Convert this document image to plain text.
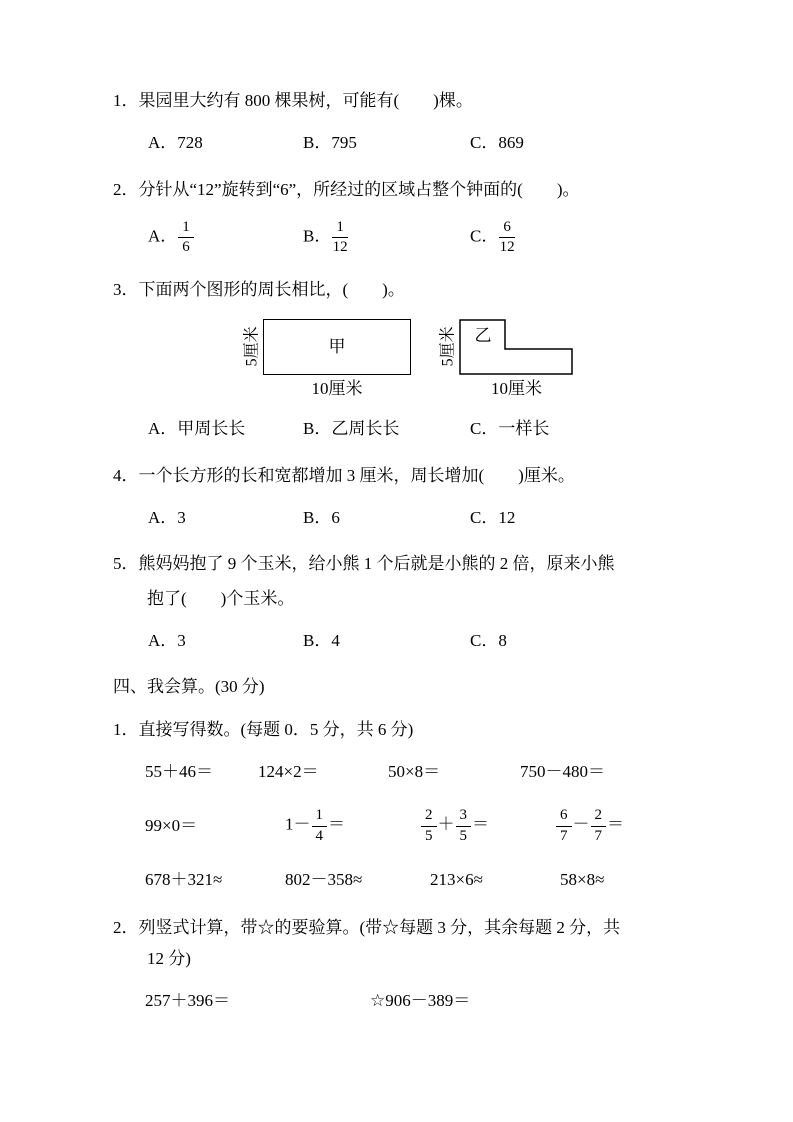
1．果园里大约有 800 棵果树，可能有(　　)棵。
A．728	B．795	C．869
2．分针从“12”旋转到“6”，所经过的区域占整个钟面的(　　)。
A． $\frac{1}{6}$	B． $\frac{1}{12}$	C． $\frac{6}{12}$
3．下面两个图形的周长相比，(　　)。
5厘米	甲
10厘米
5厘米 乙
10厘米
A．甲周长长	B．乙周长长	C．一样长
4．一个长方形的长和宽都增加 3 厘米，周长增加(　　)厘米。
A．3	B．6	C．12
5．熊妈妈抱了 9 个玉米，给小熊 1 个后就是小熊的 2 倍，原来小熊
抱了(　　)个玉米。
A．3	B．4	C．8
四、我会算。(30 分)
1．直接写得数。(每题 0．5 分，共 6 分)
55＋46＝	124×2＝	50×8＝	750－480＝
99×0＝	$1- \frac{1}{4}$ ＝	$\frac{2}{5} + \frac{3}{5}$ ＝	$\frac{6}{7} - \frac{2}{7}$ ＝
678＋321≈	802－358≈	213×6≈	58×8≈
2．列竖式计算，带☆的要验算。(带☆每题 3 分，其余每题 2 分，共
12 分)
257＋396＝	☆906－389＝
